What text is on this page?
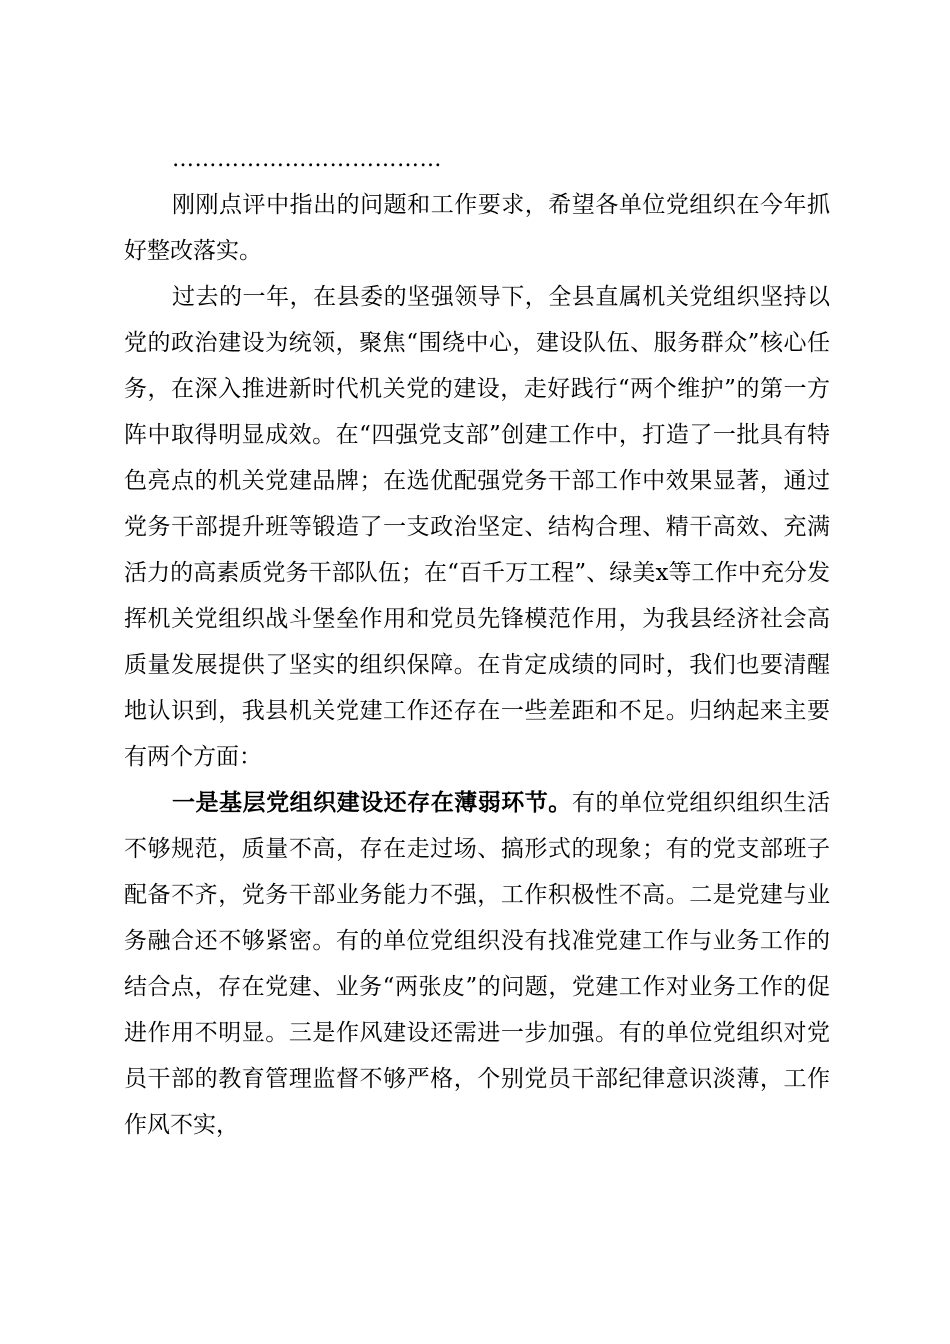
………………………………

刚刚点评中指出的问题和工作要求，希望各单位党组织在今年抓好整改落实。

过去的一年，在县委的坚强领导下，全县直属机关党组织坚持以党的政治建设为统领，聚焦“围绕中心，建设队伍、服务群众”核心任务，在深入推进新时代机关党的建设，走好践行“两个维护”的第一方阵中取得明显成效。在“四强党支部”创建工作中，打造了一批具有特色亮点的机关党建品牌；在选优配强党务干部工作中效果显著，通过党务干部提升班等锻造了一支政治坚定、结构合理、精干高效、充满活力的高素质党务干部队伍；在“百千万工程”、绿美x等工作中充分发挥机关党组织战斗堡垒作用和党员先锋模范作用，为我县经济社会高质量发展提供了坚实的组织保障。在肯定成绩的同时，我们也要清醒地认识到，我县机关党建工作还存在一些差距和不足。归纳起来主要有两个方面：

一是基层党组织建设还存在薄弱环节。有的单位党组织组织生活不够规范，质量不高，存在走过场、搞形式的现象；有的党支部班子配备不齐，党务干部业务能力不强，工作积极性不高。二是党建与业务融合还不够紧密。有的单位党组织没有找准党建工作与业务工作的结合点，存在党建、业务“两张皮”的问题，党建工作对业务工作的促进作用不明显。三是作风建设还需进一步加强。有的单位党组织对党员干部的教育管理监督不够严格，个别党员干部纪律意识淡薄，工作作风不实，
